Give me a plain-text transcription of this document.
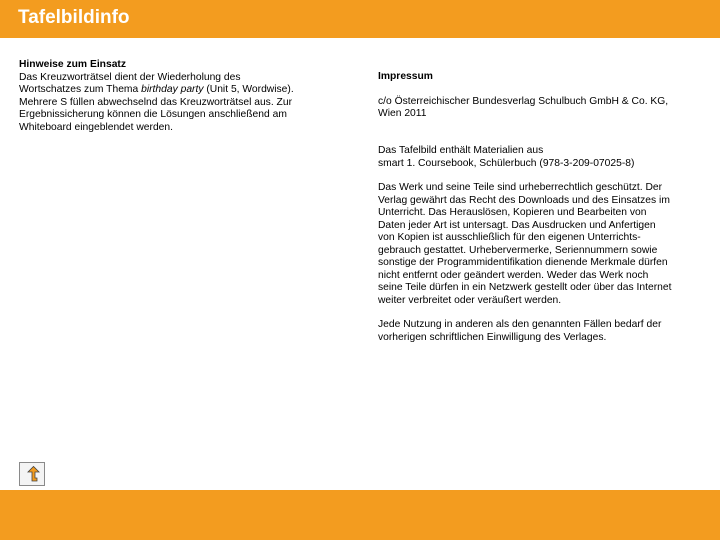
Tafelbildinfo
Hinweise zum Einsatz
Das Kreuzworträtsel dient der Wiederholung des
Wortschatzes zum Thema birthday party (Unit 5, Wordwise).
Mehrere S füllen abwechselnd das Kreuzworträtsel aus. Zur
Ergebnissicherung können die Lösungen anschließend am
Whiteboard eingeblendet werden.

Impressum

c/o Österreichischer Bundesverlag Schulbuch GmbH & Co. KG,
Wien 2011

Das Tafelbild enthält Materialien aus
smart 1. Coursebook, Schülerbuch (978-3-209-07025-8)
Das Werk und seine Teile sind urheberrechtlich geschützt. Der
Verlag gewährt das Recht des Downloads und des Einsatzes im
Unterricht. Das Herauslösen, Kopieren und Bearbeiten von
Daten jeder Art ist untersagt. Das Ausdrucken und Anfertigen
von Kopien ist ausschließlich für den eigenen Unterrichts-
gebrauch gestattet. Urhebervermerke, Seriennummern sowie
sonstige der Programmidentifikation dienende Merkmale dürfen
nicht entfernt oder geändert werden. Weder das Werk noch
seine Teile dürfen in ein Netzwerk gestellt oder über das Internet
weiter verbreitet oder veräußert werden.
Jede Nutzung in anderen als den genannten Fällen bedarf der
vorherigen schriftlichen Einwilligung des Verlages.
